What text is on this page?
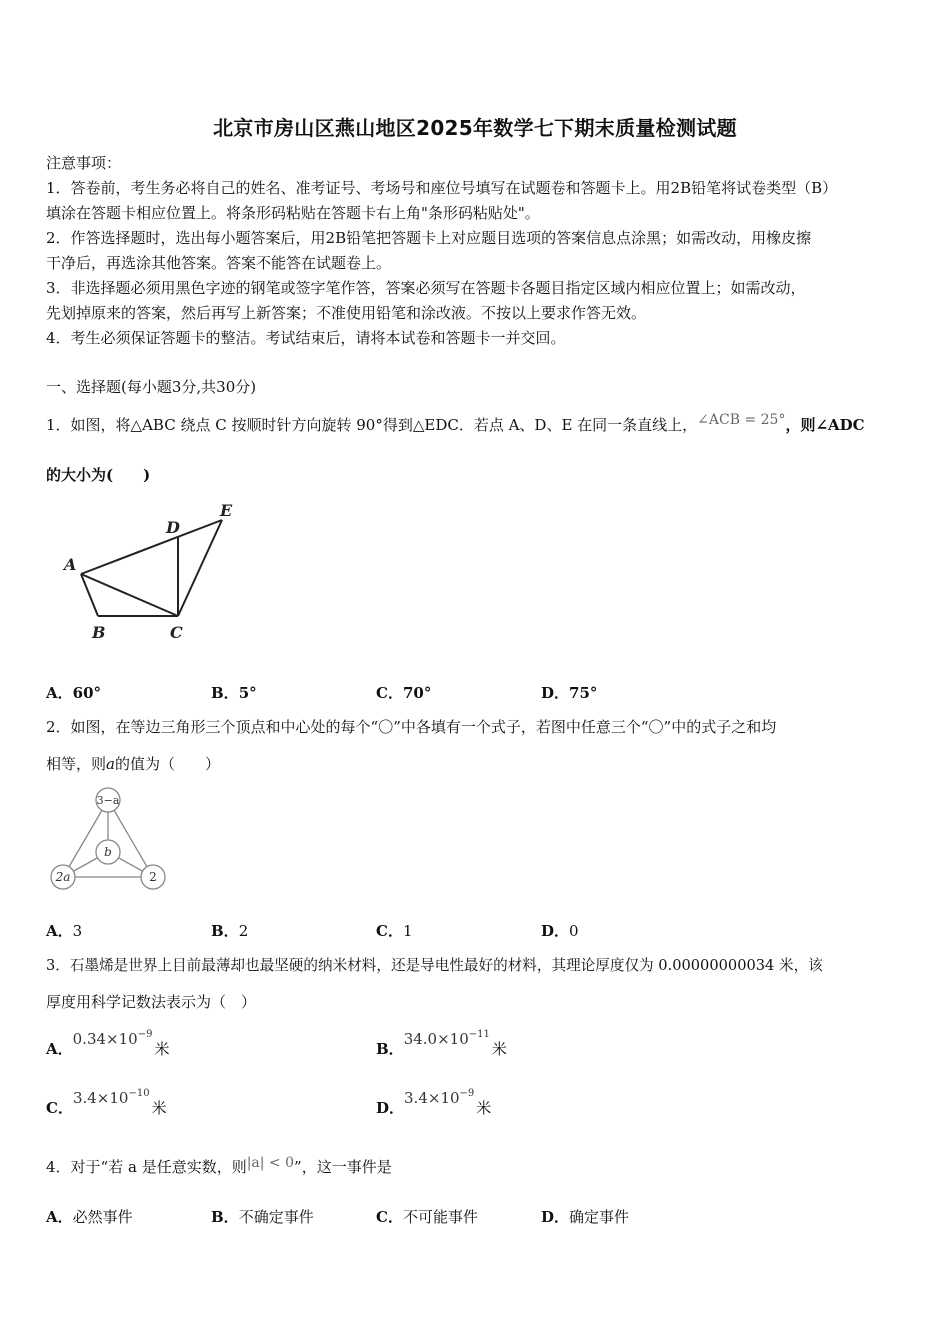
北京市房山区燕山地区2025年数学七下期末质量检测试题
注意事项：
1．答卷前，考生务必将自己的姓名、准考证号、考场号和座位号填写在试题卷和答题卡上。用2B铅笔将试卷类型（B）
填涂在答题卡相应位置上。将条形码粘贴在答题卡右上角"条形码粘贴处"。
2．作答选择题时，选出每小题答案后，用2B铅笔把答题卡上对应题目选项的答案信息点涂黑；如需改动，用橡皮擦
干净后，再选涂其他答案。答案不能答在试题卷上。
3．非选择题必须用黑色字迹的钢笔或签字笔作答，答案必须写在答题卡各题目指定区域内相应位置上；如需改动，
先划掉原来的答案，然后再写上新答案；不准使用铅笔和涂改液。不按以上要求作答无效。
4．考生必须保证答题卡的整洁。考试结束后，请将本试卷和答题卡一并交回。
一、选择题(每小题3分,共30分)
1．如图，将△ABC 绕点 C 按顺时针方向旋转 90°得到△EDC．若点 A、D、E 在同一条直线上，∠ACB = 25°，则∠ADC
的大小为(　　)
A
B	C
D
E
A．60°	B．5°	C．70°	D．75°
2．如图，在等边三角形三个顶点和中心处的每个“〇”中各填有一个式子，若图中任意三个“〇”中的式子之和均
相等，则a的值为（　　）
3−a
b
2a	2
A．3	B．2	C．1	D．0
3．石墨烯是世界上目前最薄却也最坚硬的纳米材料，还是导电性最好的材料，其理论厚度仅为 0.00000000034 米，该
厚度用科学记数法表示为（　）
A．$0.34\times 10^{-9}$米	B．$34.0\times 10^{-11}$米
C．$3.4\times 10^{-10}$米	D．$3.4\times 10^{-9}$米
4．对于“若 a 是任意实数，则|a| < 0”，这一事件是
A．必然事件	B．不确定事件	C．不可能事件	D．确定事件
